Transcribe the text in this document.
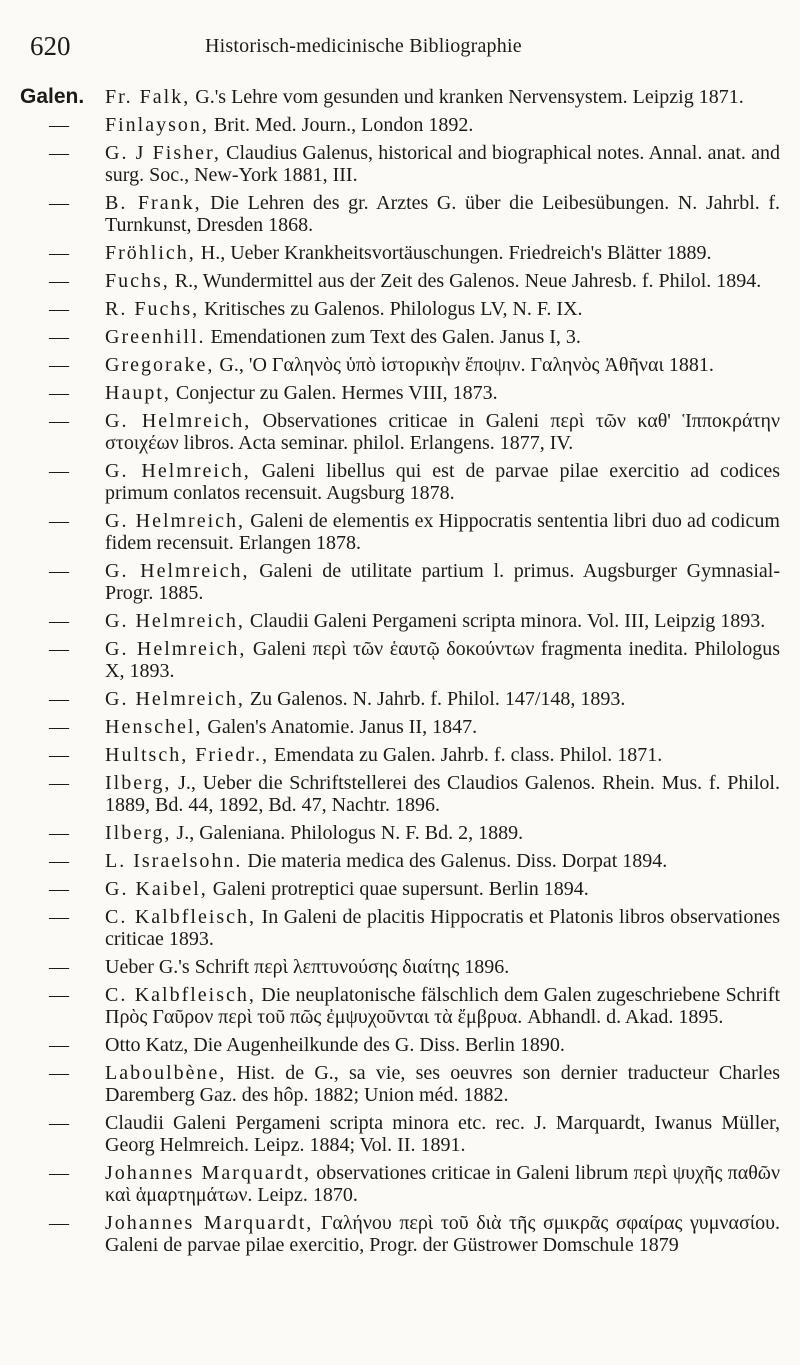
620	Historisch-medicinische Bibliographie
Galen.	Fr. Falk, G.'s Lehre vom gesunden und kranken Nervensystem. Leipzig 1871.
—	Finlayson, Brit. Med. Journ., London 1892.
—	G. J Fisher, Claudius Galenus, historical and biographical notes. Annal. anat. and surg. Soc., New-York 1881, III.
—	B. Frank, Die Lehren des gr. Arztes G. über die Leibesübungen. N. Jahrbl. f. Turnkunst, Dresden 1868.
—	Fröhlich, H., Ueber Krankheitsvortäuschungen. Friedreich's Blätter 1889.
—	Fuchs, R., Wundermittel aus der Zeit des Galenos. Neue Jahresb. f. Philol. 1894.
—	R. Fuchs, Kritisches zu Galenos. Philologus LV, N. F. IX.
—	Greenhill. Emendationen zum Text des Galen. Janus I, 3.
—	Gregorake, G., 'Ο Γαληνὸς ὑπὸ ἱστορικὴν ἔποψιν. Γαληνὸς Ἀθῆναι 1881.
—	Haupt, Conjectur zu Galen. Hermes VIII, 1873.
—	G. Helmreich, Observationes criticae in Galeni περὶ τῶν καθ' Ἱπποκράτην στοιχέων libros. Acta seminar. philol. Erlangens. 1877, IV.
—	G. Helmreich, Galeni libellus qui est de parvae pilae exercitio ad codices primum conlatos recensuit. Augsburg 1878.
—	G. Helmreich, Galeni de elementis ex Hippocratis sententia libri duo ad codicum fidem recensuit. Erlangen 1878.
—	G. Helmreich, Galeni de utilitate partium l. primus. Augsburger Gymnasial-Progr. 1885.
—	G. Helmreich, Claudii Galeni Pergameni scripta minora. Vol. III, Leipzig 1893.
—	G. Helmreich, Galeni περὶ τῶν ἑαυτῷ δοκούντων fragmenta inedita. Philologus X, 1893.
—	G. Helmreich, Zu Galenos. N. Jahrb. f. Philol. 147/148, 1893.
—	Henschel, Galen's Anatomie. Janus II, 1847.
—	Hultsch, Friedr., Emendata zu Galen. Jahrb. f. class. Philol. 1871.
—	Ilberg, J., Ueber die Schriftstellerei des Claudios Galenos. Rhein. Mus. f. Philol. 1889, Bd. 44, 1892, Bd. 47, Nachtr. 1896.
—	Ilberg, J., Galeniana. Philologus N. F. Bd. 2, 1889.
—	L. Israelsohn. Die materia medica des Galenus. Diss. Dorpat 1894.
—	G. Kaibel, Galeni protreptici quae supersunt. Berlin 1894.
—	C. Kalbfleisch, In Galeni de placitis Hippocratis et Platonis libros observationes criticae 1893.
—	Ueber G.'s Schrift περὶ λεπτυνούσης διαίτης 1896.
—	C. Kalbfleisch, Die neuplatonische fälschlich dem Galen zugeschriebene Schrift Πρὸς Γαῦρον περὶ τοῦ πῶς ἐμψυχοῦνται τὰ ἔμβρυα. Abhandl. d. Akad. 1895.
—	Otto Katz, Die Augenheilkunde des G. Diss. Berlin 1890.
—	Laboulbène, Hist. de G., sa vie, ses oeuvres son dernier traducteur Charles Daremberg Gaz. des hôp. 1882; Union méd. 1882.
—	Claudii Galeni Pergameni scripta minora etc. rec. J. Marquardt, Iwanus Müller, Georg Helmreich. Leipz. 1884; Vol. II. 1891.
—	Johannes Marquardt, observationes criticae in Galeni librum περὶ ψυχῆς παθῶν καὶ ἁμαρτημάτων. Leipz. 1870.
—	Johannes Marquardt, Γαλήνου περὶ τοῦ διὰ τῆς σμικρᾶς σφαίρας γυμνασίου. Galeni de parvae pilae exercitio, Progr. der Güstrower Domschule 1879
